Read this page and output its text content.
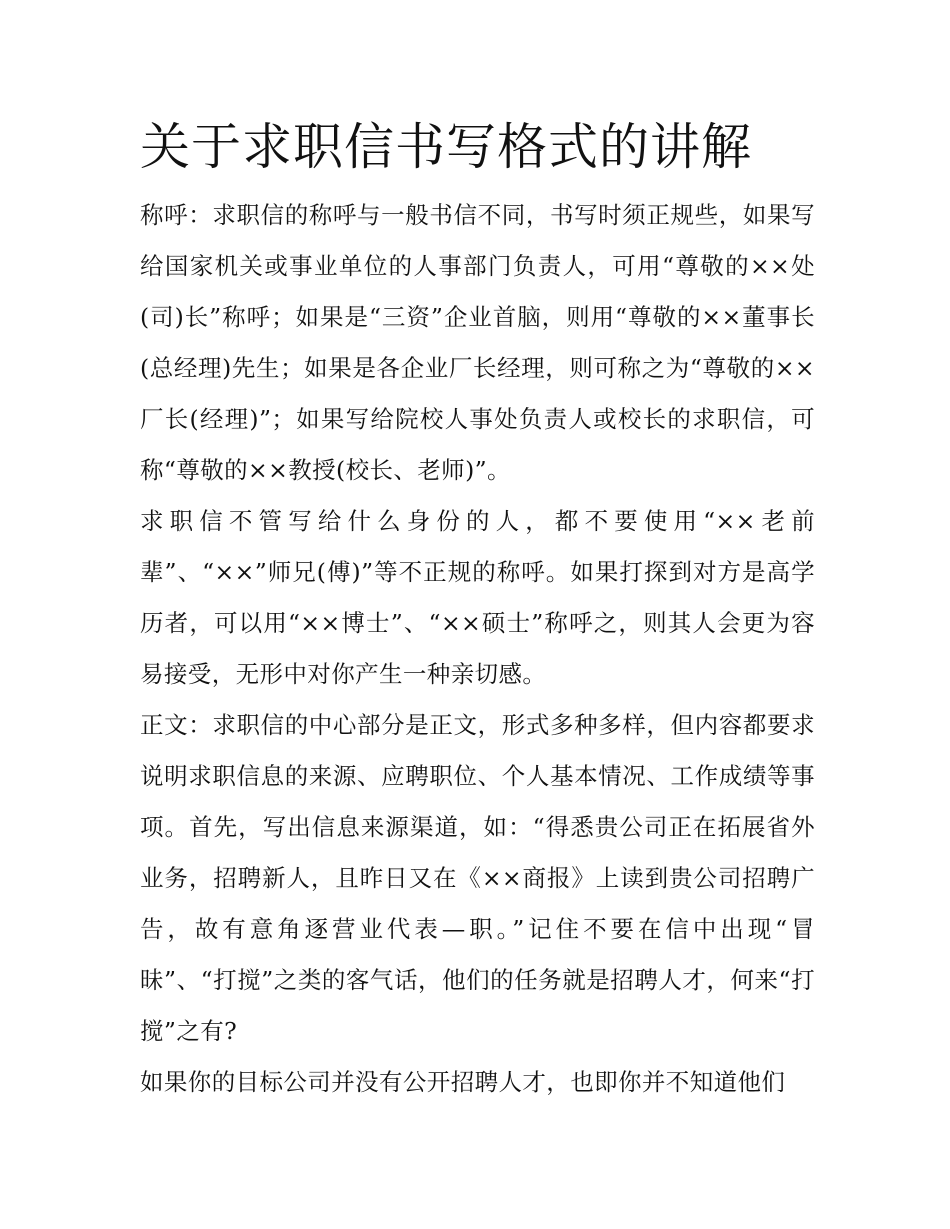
关于求职信书写格式的讲解

称呼：求职信的称呼与一般书信不同，书写时须正规些，如果写给国家机关或事业单位的人事部门负责人，可用“尊敬的××处(司)长”称呼；如果是“三资”企业首脑，则用“尊敬的××董事长(总经理)先生；如果是各企业厂长经理，则可称之为“尊敬的××厂长(经理)”；如果写给院校人事处负责人或校长的求职信，可称“尊敬的××教授(校长、老师)”。

求职信不管写给什么身份的人，都不要使用“××老前辈”、“××”师兄(傅)”等不正规的称呼。如果打探到对方是高学历者，可以用“××博士”、“××硕士”称呼之，则其人会更为容易接受，无形中对你产生一种亲切感。

正文：求职信的中心部分是正文，形式多种多样，但内容都要求说明求职信息的来源、应聘职位、个人基本情况、工作成绩等事项。首先，写出信息来源渠道，如：“得悉贵公司正在拓展省外业务，招聘新人，且昨日又在《××商报》上读到贵公司招聘广告，故有意角逐营业代表—职。”记住不要在信中出现“冒昧”、“打搅”之类的客气话，他们的任务就是招聘人才，何来“打搅”之有?

如果你的目标公司并没有公开招聘人才，也即你并不知道他们
